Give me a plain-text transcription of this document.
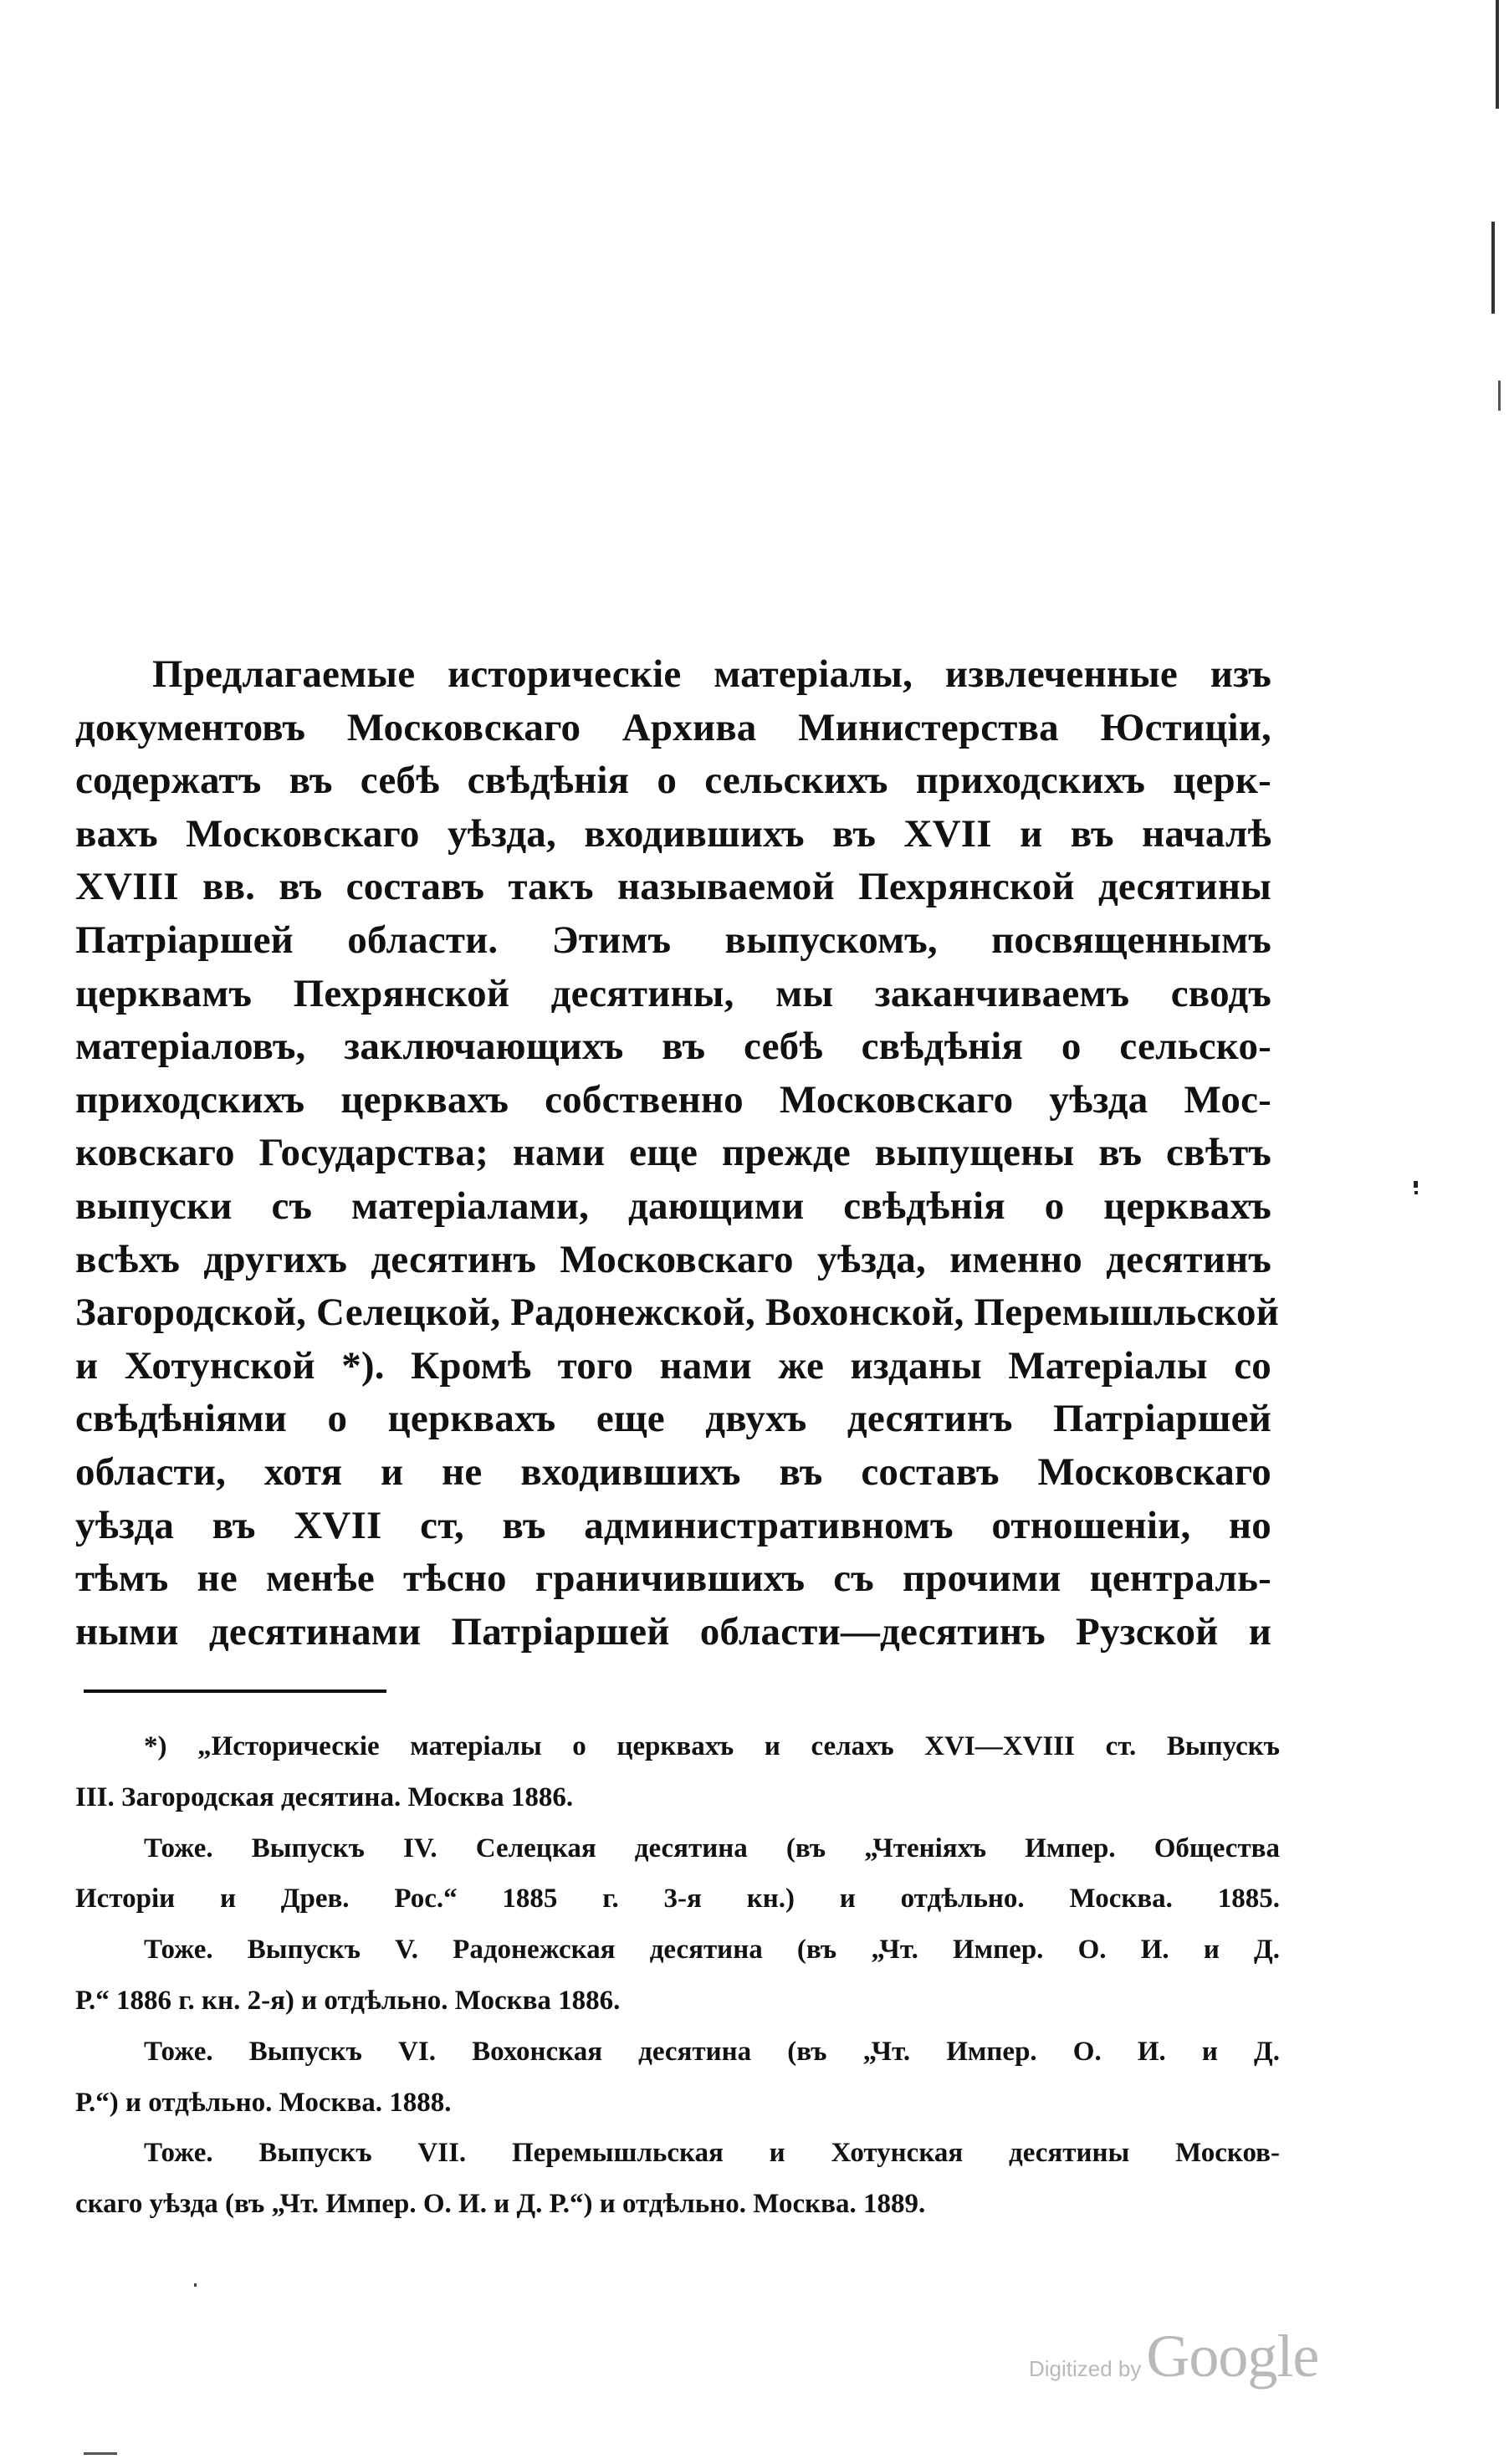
Предлагаемые историческіе матеріалы, извлеченные изъ
документовъ Московскаго Архива Министерства Юстиціи,
содержатъ въ себѣ свѣдѣнія о сельскихъ приходскихъ церк-
вахъ Московскаго уѣзда, входившихъ въ XVII и въ началѣ
XVIII вв. въ составъ такъ называемой Пехрянской десятины
Патріаршей области. Этимъ выпускомъ, посвященнымъ
церквамъ Пехрянской десятины, мы заканчиваемъ сводъ
матеріаловъ, заключающихъ въ себѣ свѣдѣнія о сельско-
приходскихъ церквахъ собственно Московскаго уѣзда Мос-
ковскаго Государства; нами еще прежде выпущены въ свѣтъ
выпуски съ матеріалами, дающими свѣдѣнія о церквахъ
всѣхъ другихъ десятинъ Московскаго уѣзда, именно десятинъ
Загородской, Селецкой, Радонежской, Вохонской, Перемышльской
и Хотунской *). Кромѣ того нами же изданы Матеріалы со
свѣдѣніями о церквахъ еще двухъ десятинъ Патріаршей
области, хотя и не входившихъ въ составъ Московскаго
уѣзда въ XVII ст, въ административномъ отношеніи, но
тѣмъ не менѣе тѣсно граничившихъ съ прочими централь-
ными десятинами Патріаршей области—десятинъ Рузской и
*) „Историческіе матеріалы о церквахъ и селахъ XVI—XVIII ст. Выпускъ
III. Загородская десятина. Москва 1886.
Тоже. Выпускъ IV. Селецкая десятина (въ „Чтеніяхъ Импер. Общества
Исторіи и Древ. Рос.“ 1885 г. 3-я кн.) и отдѣльно. Москва. 1885.
Тоже. Выпускъ V. Радонежская десятина (въ „Чт. Импер. О. И. и Д.
Р.“ 1886 г. кн. 2-я) и отдѣльно. Москва 1886.
Тоже. Выпускъ VI. Вохонская десятина (въ „Чт. Импер. О. И. и Д.
Р.“) и отдѣльно. Москва. 1888.
Тоже. Выпускъ VII. Перемышльская и Хотунская десятины Москов-
скаго уѣзда (въ „Чт. Импер. О. И. и Д. Р.“) и отдѣльно. Москва. 1889.
Digitized by Google
